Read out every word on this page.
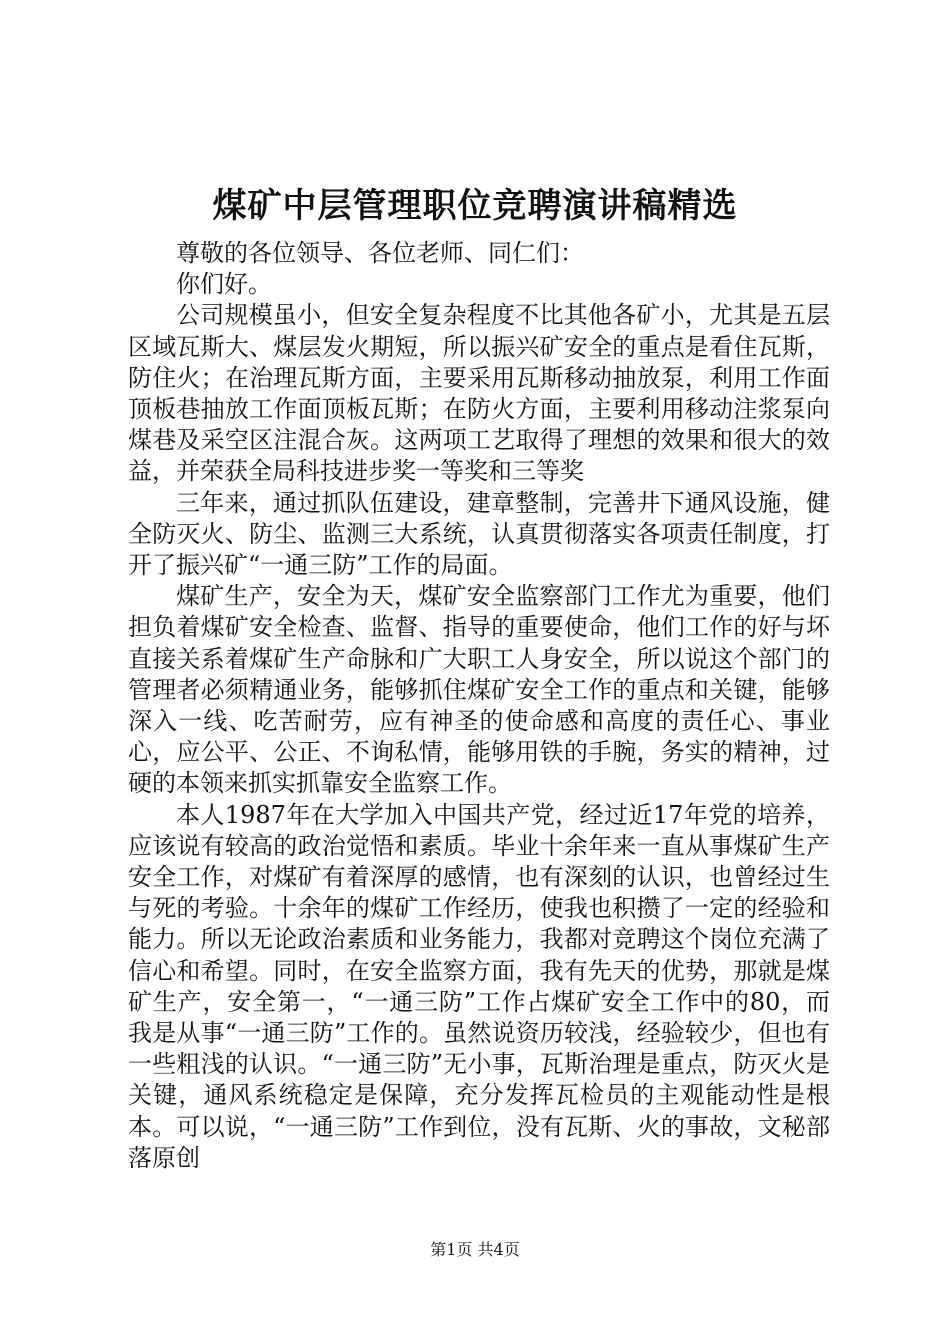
煤矿中层管理职位竞聘演讲稿精选

尊敬的各位领导、各位老师、同仁们：

你们好。

公司规模虽小，但安全复杂程度不比其他各矿小，尤其是五层区域瓦斯大、煤层发火期短，所以振兴矿安全的重点是看住瓦斯，防住火；在治理瓦斯方面，主要采用瓦斯移动抽放泵，利用工作面顶板巷抽放工作面顶板瓦斯；在防火方面，主要利用移动注浆泵向煤巷及采空区注混合灰。这两项工艺取得了理想的效果和很大的效益，并荣获全局科技进步奖一等奖和三等奖

三年来，通过抓队伍建设，建章整制，完善井下通风设施，健全防灭火、防尘、监测三大系统，认真贯彻落实各项责任制度，打开了振兴矿“一通三防”工作的局面。

煤矿生产，安全为天，煤矿安全监察部门工作尤为重要，他们担负着煤矿安全检查、监督、指导的重要使命，他们工作的好与坏直接关系着煤矿生产命脉和广大职工人身安全，所以说这个部门的管理者必须精通业务，能够抓住煤矿安全工作的重点和关键，能够深入一线、吃苦耐劳，应有神圣的使命感和高度的责任心、事业心，应公平、公正、不询私情，能够用铁的手腕，务实的精神，过硬的本领来抓实抓靠安全监察工作。

本人1987年在大学加入中国共产党，经过近17年党的培养，应该说有较高的政治觉悟和素质。毕业十余年来一直从事煤矿生产安全工作，对煤矿有着深厚的感情，也有深刻的认识，也曾经过生与死的考验。十余年的煤矿工作经历，使我也积攒了一定的经验和能力。所以无论政治素质和业务能力，我都对竞聘这个岗位充满了信心和希望。同时，在安全监察方面，我有先天的优势，那就是煤矿生产，安全第一，“一通三防”工作占煤矿安全工作中的80，而我是从事“一通三防”工作的。虽然说资历较浅，经验较少，但也有一些粗浅的认识。“一通三防”无小事，瓦斯治理是重点，防灭火是关键，通风系统稳定是保障，充分发挥瓦检员的主观能动性是根本。可以说，“一通三防”工作到位，没有瓦斯、火的事故，文秘部落原创

第1页 共4页
